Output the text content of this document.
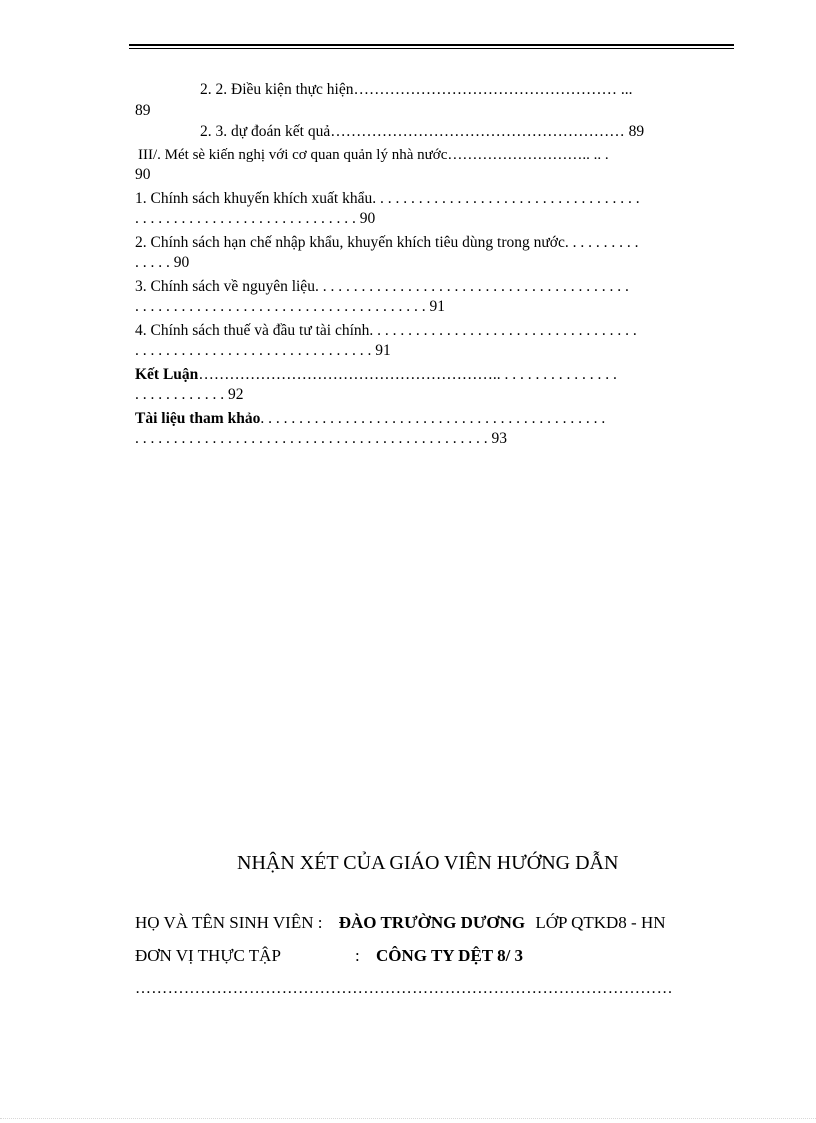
2. 2. Điều kiện thực hiện…………………………………………… ...
89
2. 3. dự đoán kết quả………………………………………………… 89
III/. Mét sè kiến nghị với cơ quan quản lý nhà nước……………………….. .. .
90
1. Chính sách khuyến khích xuất khẩu. . . . . . . . . . . . . . . . . . . . . . . . . . . . . . . . . . .
. . . . . . . . . . . . . . . . . . . . . . . . . . . . . 90
2. Chính sách hạn chế nhập khẩu, khuyến khích tiêu dùng trong nước. . . . . . . . . .
. . . . . 90
3. Chính sách về nguyên liệu. . . . . . . . . . . . . . . . . . . . . . . . . . . . . . . . . . . . . . . . .
. . . . . . . . . . . . . . . . . . . . . . . . . . . . . . . . . . . . . . 91
4. Chính sách thuế và đầu tư tài chính. . . . . . . . . . . . . . . . . . . . . . . . . . . . . . . . . . .
. . . . . . . . . . . . . . . . . . . . . . . . . . . . . . . 91
Kết Luận………………………………………………….. . . . . . . . . . . . . . . .
. . . . . . . . . . . . 92
Tài liệu tham khảo. . . . . . . . . . . . . . . . . . . . . . . . . . . . . . . . . . . . . . . . . . . . .
. . . . . . . . . . . . . . . . . . . . . . . . . . . . . . . . . . . . . . . . . . . . . . 93
NHẬN XÉT CỦA GIÁO VIÊN HƯỚNG DẪN
HỌ VÀ TÊN SINH VIÊN : ĐÀO TRƯỜNG DƯƠNG LỚP QTKD8 - HN
ĐƠN VỊ THỰC TẬP	: CÔNG TY DỆT 8/ 3
………………………………………………………………………………………
